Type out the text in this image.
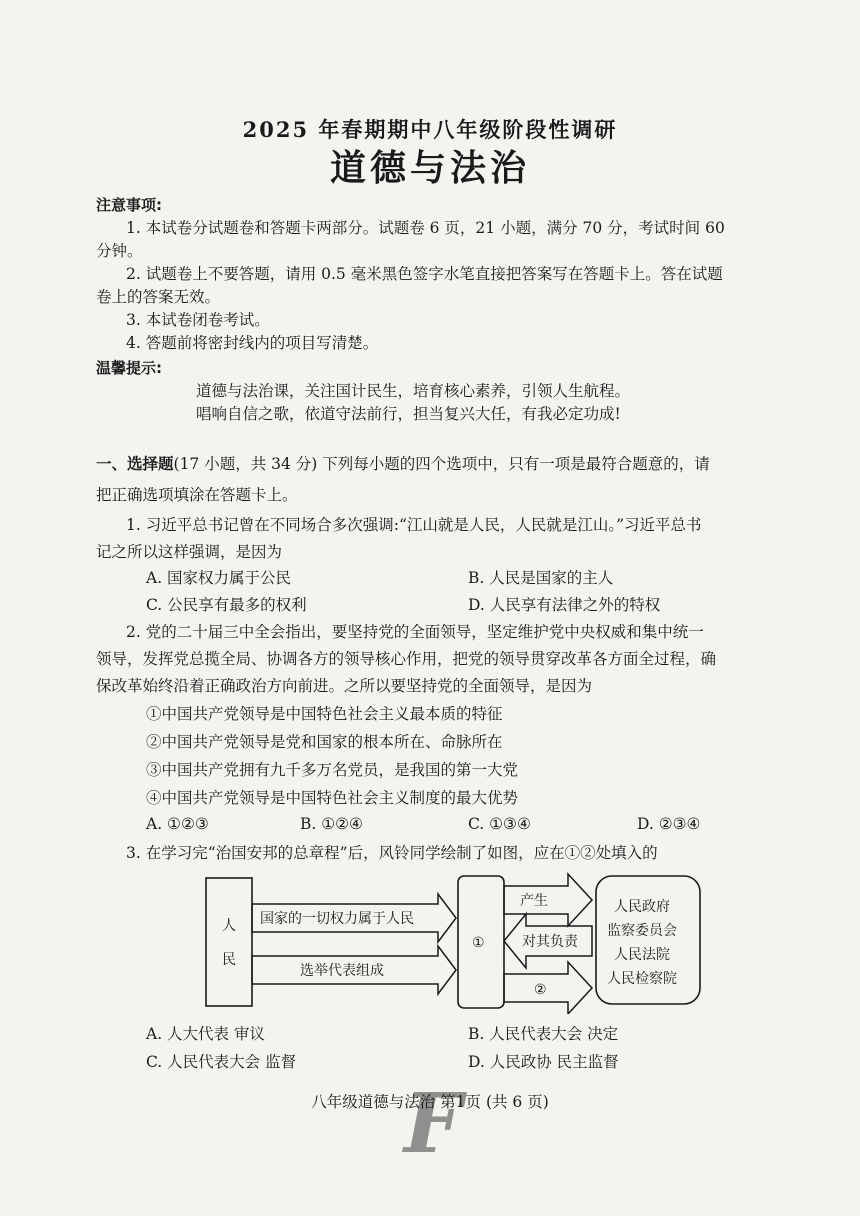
2025 年春期期中八年级阶段性调研
道德与法治
注意事项:
1. 本试卷分试题卷和答题卡两部分。试题卷 6 页，21 小题，满分 70 分，考试时间 60
分钟。
2. 试题卷上不要答题，请用 0.5 毫米黑色签字水笔直接把答案写在答题卡上。答在试题
卷上的答案无效。
3. 本试卷闭卷考试。
4. 答题前将密封线内的项目写清楚。
温馨提示:
道德与法治课，关注国计民生，培育核心素养，引领人生航程。
唱响自信之歌，依道守法前行，担当复兴大任，有我必定功成!
一、选择题(17 小题，共 34 分) 下列每小题的四个选项中，只有一项是最符合题意的，请
把正确选项填涂在答题卡上。
1. 习近平总书记曾在不同场合多次强调:“江山就是人民，人民就是江山。”习近平总书
记之所以这样强调，是因为
A. 国家权力属于公民	B. 人民是国家的主人
C. 公民享有最多的权利	D. 人民享有法律之外的特权
2. 党的二十届三中全会指出，要坚持党的全面领导，坚定维护党中央权威和集中统一
领导，发挥党总揽全局、协调各方的领导核心作用，把党的领导贯穿改革各方面全过程，确
保改革始终沿着正确政治方向前进。之所以要坚持党的全面领导，是因为
①中国共产党领导是中国特色社会主义最本质的特征
②中国共产党领导是党和国家的根本所在、命脉所在
③中国共产党拥有九千多万名党员，是我国的第一大党
④中国共产党领导是中国特色社会主义制度的最大优势
A. ①②③	B. ①②④	C. ①③④	D. ②③④
3. 在学习完“治国安邦的总章程”后，风铃同学绘制了如图，应在①②处填入的
人
民
国家的一切权力属于人民
选举代表组成
①
产生
对其负责
②
人民政府
监察委员会
人民法院
人民检察院
A. 人大代表 审议	B. 人民代表大会 决定
C. 人民代表大会 监督	D. 人民政协 民主监督
F
八年级道德与法治 第1页 (共 6 页)
